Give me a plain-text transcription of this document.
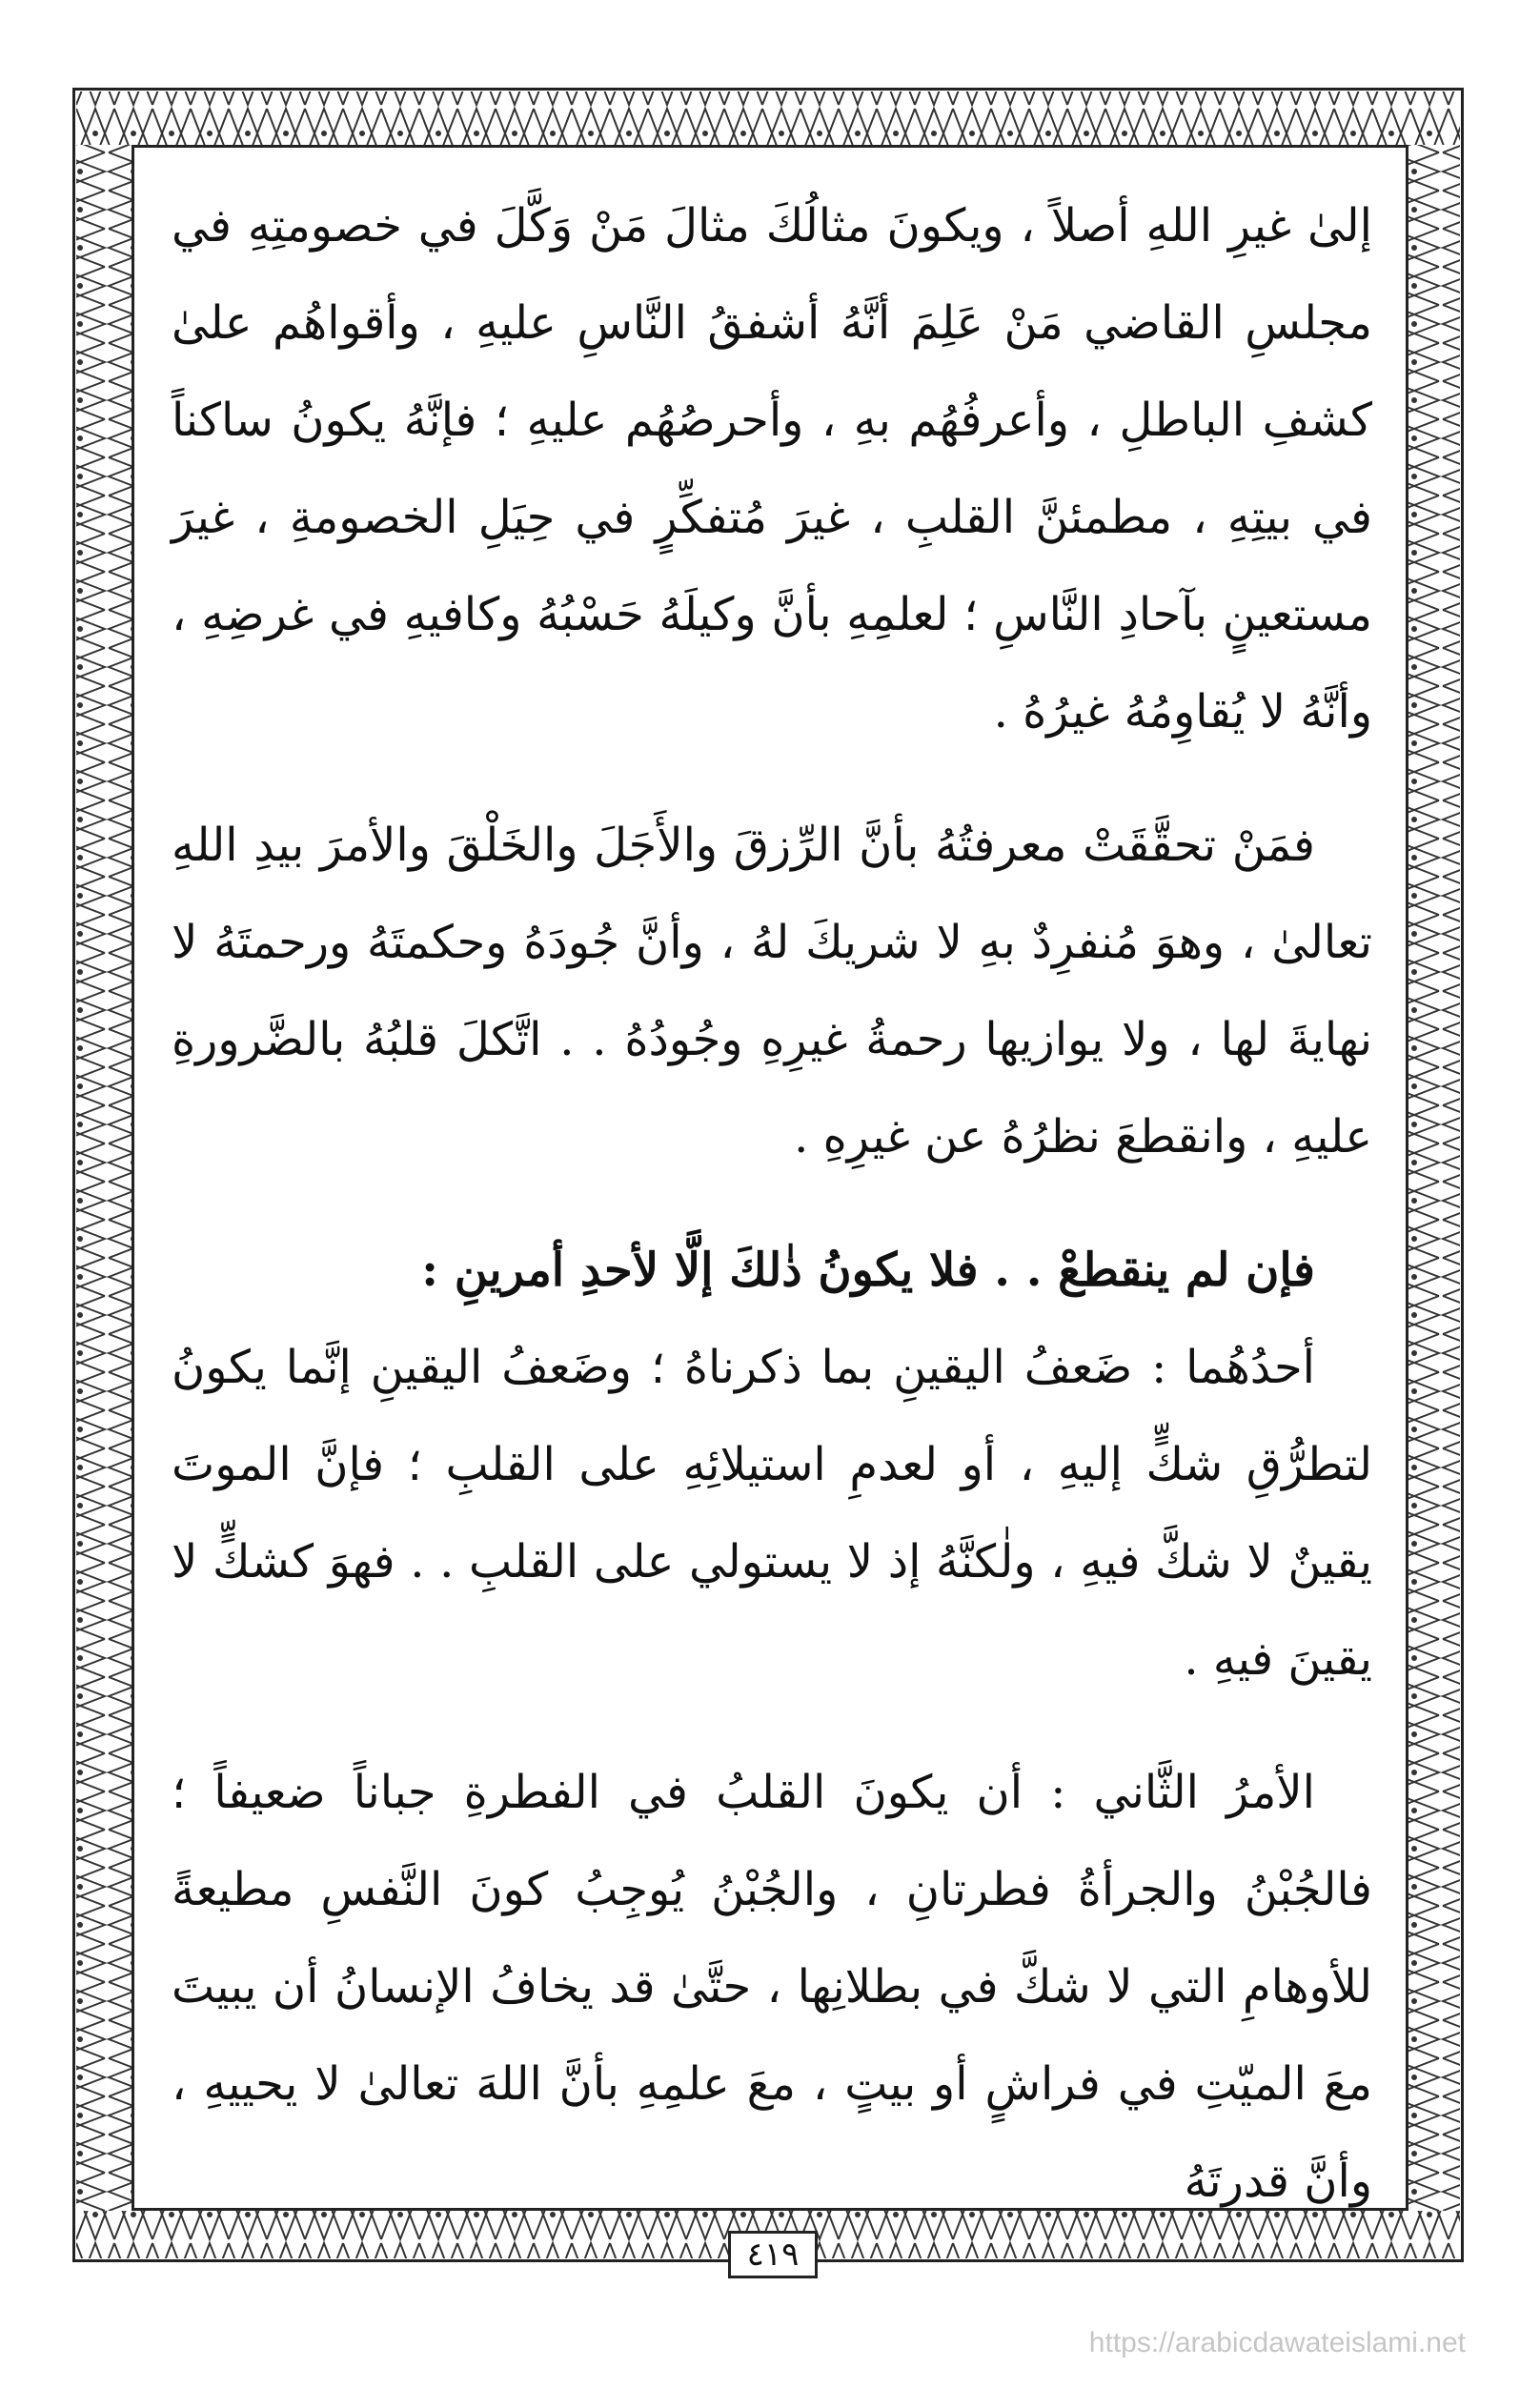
إلىٰ غيرِ اللهِ أصلاً ، ويكونَ مثالُكَ مثالَ مَنْ وَكَّلَ في خصومتِهِ في مجلسِ القاضي مَنْ عَلِمَ أنَّهُ أشفقُ النَّاسِ عليهِ ، وأقواهُم علىٰ كشفِ الباطلِ ، وأعرفُهُم بهِ ، وأحرصُهُم عليهِ ؛ فإنَّهُ يكونُ ساكناً في بيتِهِ ، مطمئنَّ القلبِ ، غيرَ مُتفكِّرٍ في حِيَلِ الخصومةِ ، غيرَ مستعينٍ بآحادِ النَّاسِ ؛ لعلمِهِ بأنَّ وكيلَهُ حَسْبُهُ وكافيهِ في غرضِهِ ، وأنَّهُ لا يُقاوِمُهُ غيرُهُ .

فمَنْ تحقَّقَتْ معرفتُهُ بأنَّ الرِّزقَ والأَجَلَ والخَلْقَ والأمرَ بيدِ اللهِ تعالىٰ ، وهوَ مُنفرِدٌ بهِ لا شريكَ لهُ ، وأنَّ جُودَهُ وحكمتَهُ ورحمتَهُ لا نهايةَ لها ، ولا يوازيها رحمةُ غيرِهِ وجُودُهُ . . اتَّكلَ قلبُهُ بالضَّرورةِ عليهِ ، وانقطعَ نظرُهُ عن غيرِهِ .

فإن لم ينقطعْ . . فلا يكونُ ذٰلكَ إلَّا لأحدِ أمرينِ :

أحدُهُما : ضَعفُ اليقينِ بما ذكرناهُ ؛ وضَعفُ اليقينِ إنَّما يكونُ لتطرُّقِ شكٍّ إليهِ ، أو لعدمِ استيلائِهِ على القلبِ ؛ فإنَّ الموتَ يقينٌ لا شكَّ فيهِ ، ولٰكنَّهُ إذ لا يستولي على القلبِ . . فهوَ كشكٍّ لا يقينَ فيهِ .

الأمرُ الثَّاني : أن يكونَ القلبُ في الفطرةِ جباناً ضعيفاً ؛ فالجُبْنُ والجرأةُ فطرتانِ ، والجُبْنُ يُوجِبُ كونَ النَّفسِ مطيعةً للأوهامِ التي لا شكَّ في بطلانِها ، حتَّىٰ قد يخافُ الإنسانُ أن يبيتَ معَ الميّتِ في فراشٍ أو بيتٍ ، معَ علمِهِ بأنَّ اللهَ تعالىٰ لا يحييهِ ، وأنَّ قدرتَهُ

٤١٩
https://arabicdawateislami.net
